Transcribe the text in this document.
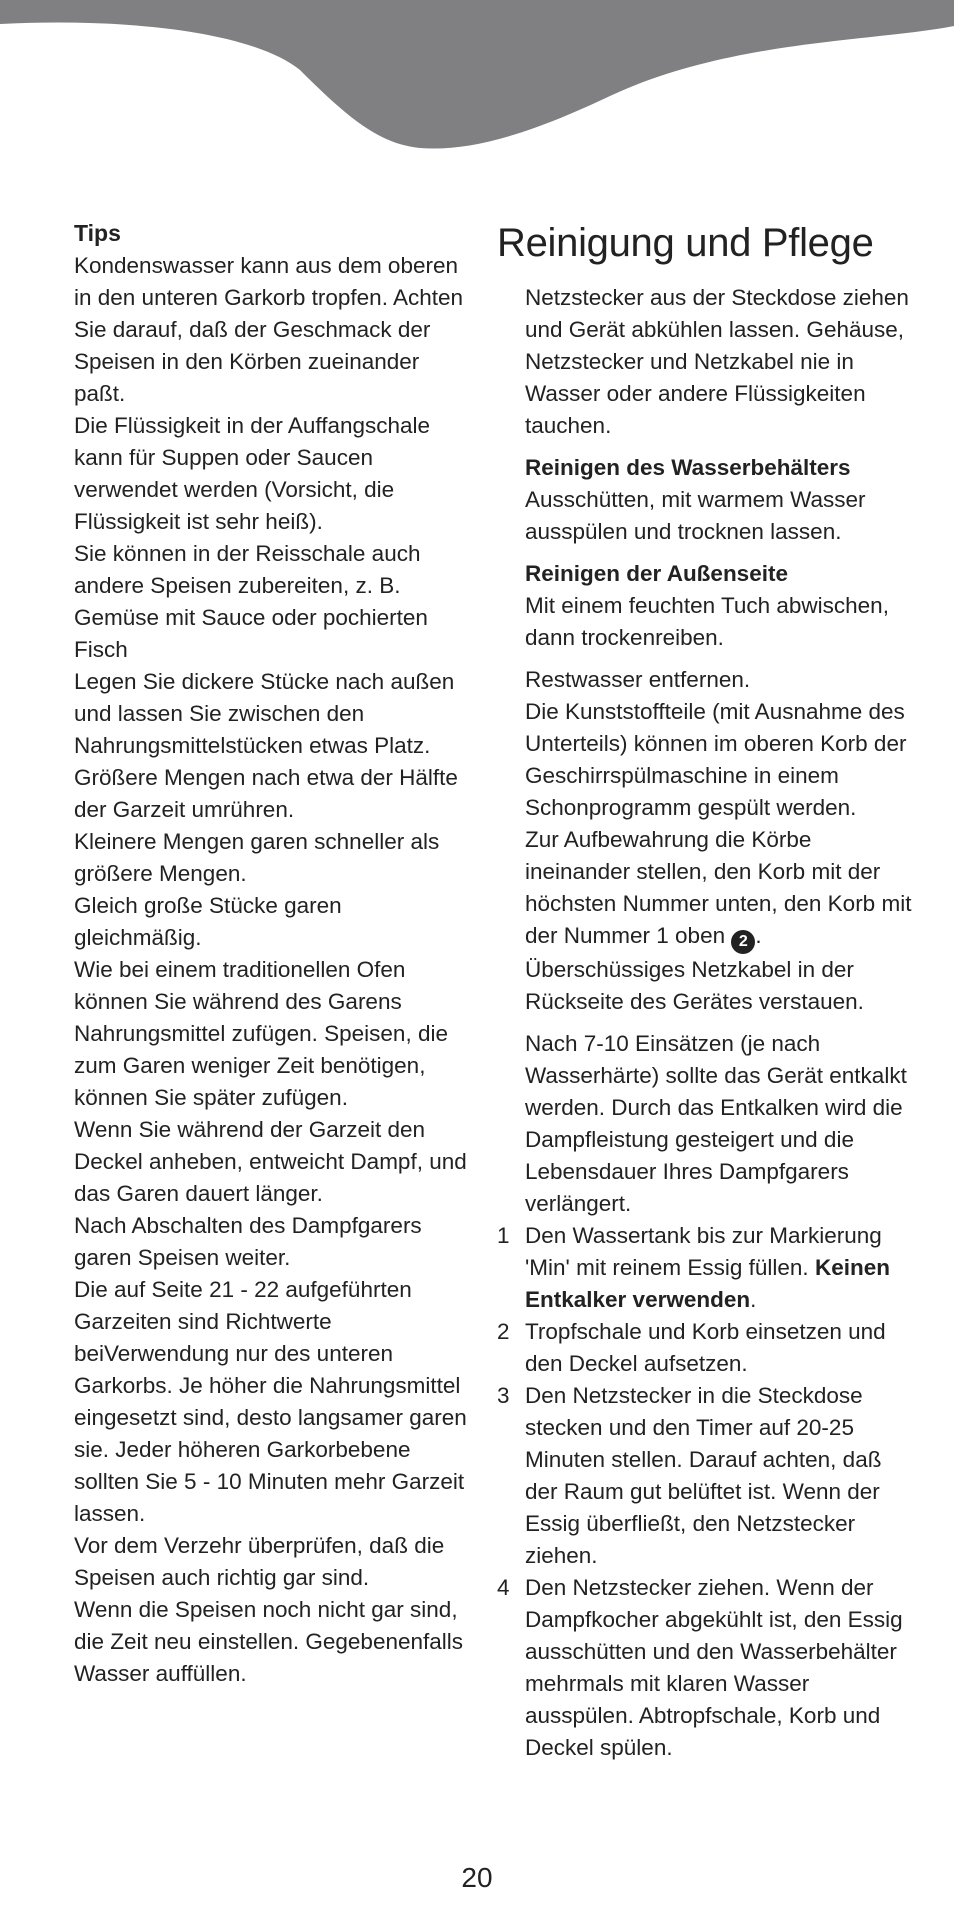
Tips

Kondenswasser kann aus dem oberen in den unteren Garkorb tropfen. Achten Sie darauf, daß der Geschmack der Speisen in den Körben zueinander paßt.

Die Flüssigkeit in der Auffangschale kann für Suppen oder Saucen verwendet werden (Vorsicht, die Flüssigkeit ist sehr heiß).

Sie können in der Reisschale auch andere Speisen zubereiten, z. B. Gemüse mit Sauce oder pochierten Fisch

Legen Sie dickere Stücke nach außen und lassen Sie zwischen den Nahrungsmittelstücken etwas Platz.

Größere Mengen nach etwa der Hälfte der Garzeit umrühren.

Kleinere Mengen garen schneller als größere Mengen.

Gleich große Stücke garen gleichmäßig.

Wie bei einem traditionellen Ofen können Sie während des Garens Nahrungsmittel zufügen. Speisen, die zum Garen weniger Zeit benötigen, können Sie später zufügen.

Wenn Sie während der Garzeit den Deckel anheben, entweicht Dampf, und das Garen dauert länger.

Nach Abschalten des Dampfgarers garen Speisen weiter.

Die auf Seite 21 - 22 aufgeführten Garzeiten sind Richtwerte beiVerwendung nur des unteren Garkorbs. Je höher die Nahrungsmittel eingesetzt sind, desto langsamer garen sie. Jeder höheren Garkorbebene sollten Sie 5 - 10 Minuten mehr Garzeit lassen.

Vor dem Verzehr überprüfen, daß die Speisen auch richtig gar sind.

Wenn die Speisen noch nicht gar sind, die Zeit neu einstellen. Gegebenenfalls Wasser auffüllen.

Reinigung und Pflege

Netzstecker aus der Steckdose ziehen und Gerät abkühlen lassen. Gehäuse, Netzstecker und Netzkabel nie in Wasser oder andere Flüssigkeiten tauchen.

Reinigen des Wasserbehälters
Ausschütten, mit warmem Wasser ausspülen und trocknen lassen.

Reinigen der Außenseite
Mit einem feuchten Tuch abwischen, dann trockenreiben.

Restwasser entfernen.

Die Kunststoffteile (mit Ausnahme des Unterteils) können im oberen Korb der Geschirrspülmaschine in einem Schonprogramm gespült werden.

Zur Aufbewahrung die Körbe ineinander stellen, den Korb mit der höchsten Nummer unten, den Korb mit der Nummer 1 oben 2 .

Überschüssiges Netzkabel in der Rückseite des Gerätes verstauen.

Nach 7-10 Einsätzen (je nach Wasserhärte) sollte das Gerät entkalkt werden. Durch das Entkalken wird die Dampfleistung gesteigert und die Lebensdauer Ihres Dampfgarers verlängert.

1 Den Wassertank bis zur Markierung 'Min' mit reinem Essig füllen. Keinen Entkalker verwenden.
2 Tropfschale und Korb einsetzen und den Deckel aufsetzen.
3 Den Netzstecker in die Steckdose stecken und den Timer auf 20-25 Minuten stellen. Darauf achten, daß der Raum gut belüftet ist. Wenn der Essig überfließt, den Netzstecker ziehen.
4 Den Netzstecker ziehen. Wenn der Dampfkocher abgekühlt ist, den Essig ausschütten und den Wasserbehälter mehrmals mit klaren Wasser ausspülen. Abtropfschale, Korb und Deckel spülen.
20
